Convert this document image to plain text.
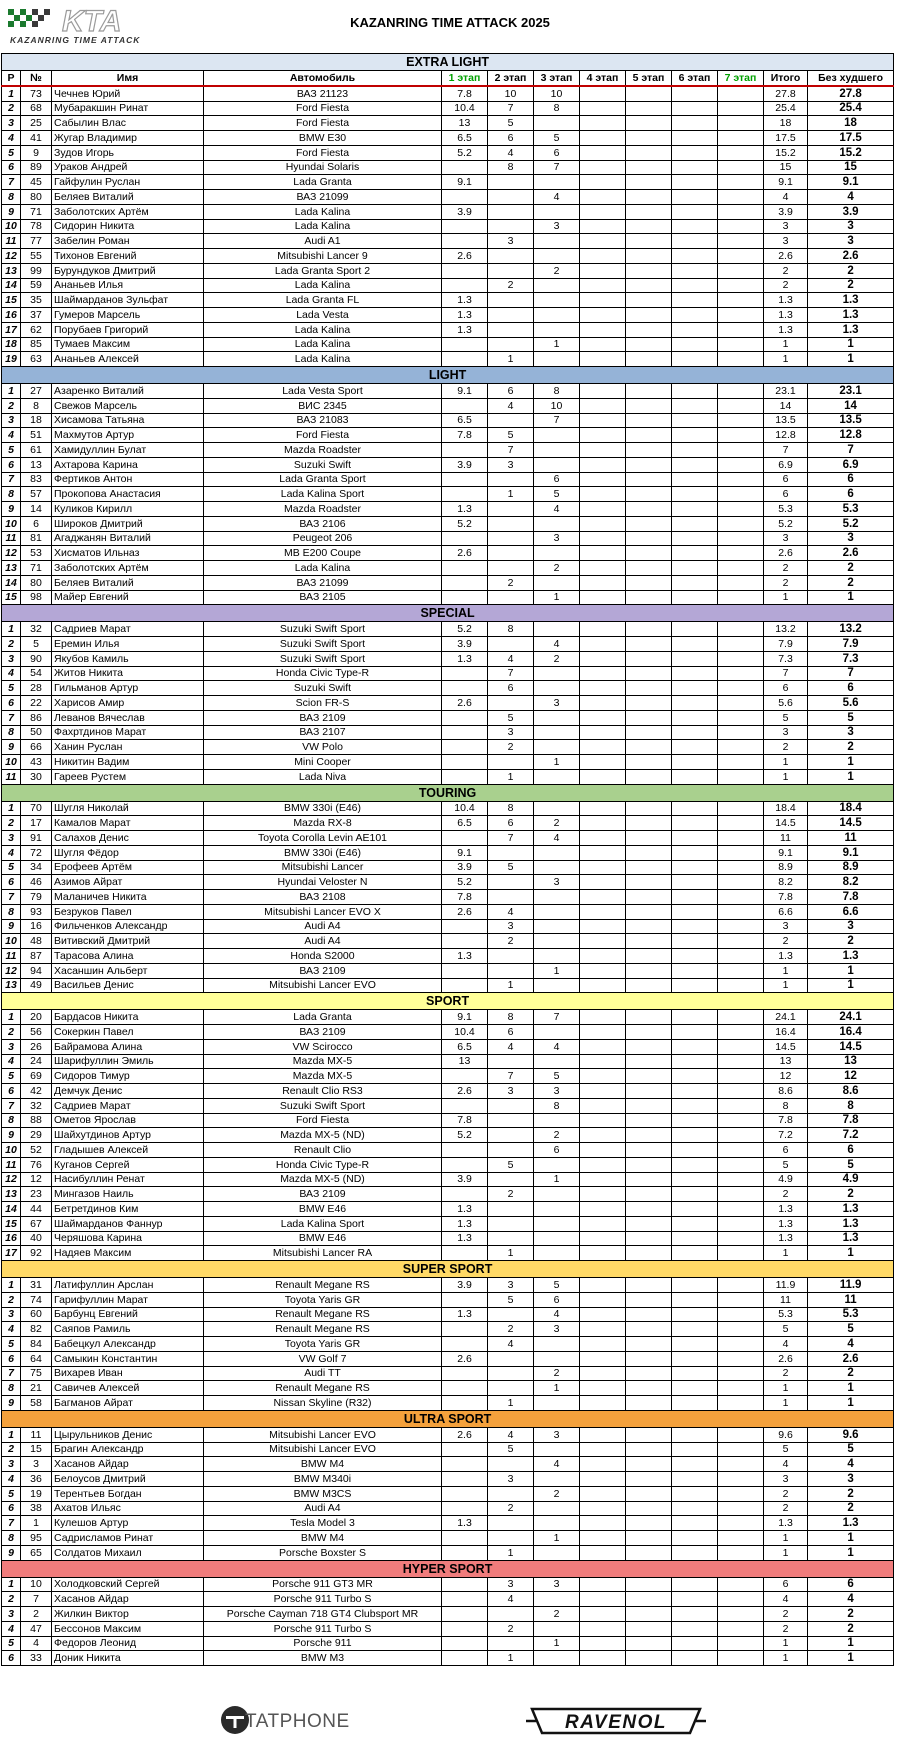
KTA
KAZANRING TIME ATTACK
KAZANRING TIME ATTACK 2025
EXTRA LIGHT												
Р	№	Имя	Автомобиль	1 этап	2 этап	3 этап	4 этап	5 этап	6 этап	7 этап	Итого	Без худшего
1	73	Чечнев Юрий	ВАЗ 21123	7.8	10	10					27.8	27.8
2	68	Мубаракшин Ринат	Ford Fiesta	10.4	7	8					25.4	25.4
3	25	Сабылин Влас	Ford Fiesta	13	5						18	18
4	41	Жугар Владимир	BMW E30	6.5	6	5					17.5	17.5
5	9	Зудов Игорь	Ford Fiesta	5.2	4	6					15.2	15.2
6	89	Ураков Андрей	Hyundai Solaris		8	7					15	15
7	45	Гайфулин Руслан	Lada Granta	9.1							9.1	9.1
8	80	Беляев Виталий	ВАЗ 21099			4					4	4
9	71	Заболотских Артём	Lada Kalina	3.9							3.9	3.9
10	78	Сидорин Никита	Lada Kalina			3					3	3
11	77	Забелин Роман	Audi A1		3						3	3
12	55	Тихонов Евгений	Mitsubishi Lancer 9	2.6							2.6	2.6
13	99	Бурундуков Дмитрий	Lada Granta Sport 2			2					2	2
14	59	Ананьев Илья	Lada Kalina		2						2	2
15	35	Шаймарданов Зульфат	Lada Granta FL	1.3							1.3	1.3
16	37	Гумеров Марсель	Lada Vesta	1.3							1.3	1.3
17	62	Порубаев Григорий	Lada Kalina	1.3							1.3	1.3
18	85	Тумаев Максим	Lada Kalina			1					1	1
19	63	Ананьев Алексей	Lada Kalina		1						1	1
LIGHT												
1	27	Азаренко Виталий	Lada Vesta Sport	9.1	6	8					23.1	23.1
2	8	Свежов Марсель	ВИС 2345		4	10					14	14
3	18	Хисамова Татьяна	ВАЗ 21083	6.5		7					13.5	13.5
4	51	Махмутов Артур	Ford Fiesta	7.8	5						12.8	12.8
5	61	Хамидуллин Булат	Mazda Roadster		7						7	7
6	13	Ахтарова Карина	Suzuki Swift	3.9	3						6.9	6.9
7	83	Фертиков Антон	Lada Granta Sport			6					6	6
8	57	Прокопова Анастасия	Lada Kalina Sport		1	5					6	6
9	14	Куликов Кирилл	Mazda Roadster	1.3		4					5.3	5.3
10	6	Широков Дмитрий	ВАЗ 2106	5.2							5.2	5.2
11	81	Агаджанян Виталий	Peugeot 206			3					3	3
12	53	Хисматов Ильназ	MB E200 Coupe	2.6							2.6	2.6
13	71	Заболотских Артём	Lada Kalina			2					2	2
14	80	Беляев Виталий	ВАЗ 21099		2						2	2
15	98	Майер Евгений	ВАЗ 2105			1					1	1
SPECIAL												
1	32	Садриев Марат	Suzuki Swift Sport	5.2	8						13.2	13.2
2	5	Еремин Илья	Suzuki Swift Sport	3.9		4					7.9	7.9
3	90	Якубов Камиль	Suzuki Swift Sport	1.3	4	2					7.3	7.3
4	54	Житов Никита	Honda Civic Type-R		7						7	7
5	28	Гильманов Артур	Suzuki Swift		6						6	6
6	22	Харисов Амир	Scion FR-S	2.6		3					5.6	5.6
7	86	Леванов Вячеслав	ВАЗ 2109		5						5	5
8	50	Фахртдинов Марат	ВАЗ 2107		3						3	3
9	66	Ханин Руслан	VW Polo		2						2	2
10	43	Никитин Вадим	Mini Cooper			1					1	1
11	30	Гареев Рустем	Lada Niva		1						1	1
TOURING												
1	70	Шугля Николай	BMW 330i (E46)	10.4	8						18.4	18.4
2	17	Камалов Марат	Mazda RX-8	6.5	6	2					14.5	14.5
3	91	Салахов Денис	Toyota Corolla Levin AE101		7	4					11	11
4	72	Шугля Фёдор	BMW 330i (E46)	9.1							9.1	9.1
5	34	Ерофеев Артём	Mitsubishi Lancer	3.9	5						8.9	8.9
6	46	Азимов Айрат	Hyundai Veloster N	5.2		3					8.2	8.2
7	79	Маланичев Никита	ВАЗ 2108	7.8							7.8	7.8
8	93	Безруков Павел	Mitsubishi Lancer EVO X	2.6	4						6.6	6.6
9	16	Фильченков Александр	Audi A4		3						3	3
10	48	Витивский Дмитрий	Audi A4		2						2	2
11	87	Тарасова Алина	Honda S2000	1.3							1.3	1.3
12	94	Хасаншин Альберт	ВАЗ 2109			1					1	1
13	49	Васильев Денис	Mitsubishi Lancer EVO		1						1	1
SPORT												
1	20	Бардасов Никита	Lada Granta	9.1	8	7					24.1	24.1
2	56	Сокеркин Павел	ВАЗ 2109	10.4	6						16.4	16.4
3	26	Байрамова Алина	VW Scirocco	6.5	4	4					14.5	14.5
4	24	Шарифуллин Эмиль	Mazda MX-5	13							13	13
5	69	Сидоров Тимур	Mazda MX-5		7	5					12	12
6	42	Демчук Денис	Renault Clio RS3	2.6	3	3					8.6	8.6
7	32	Садриев Марат	Suzuki Swift Sport			8					8	8
8	88	Ометов Ярослав	Ford Fiesta	7.8							7.8	7.8
9	29	Шайхутдинов Артур	Mazda MX-5 (ND)	5.2		2					7.2	7.2
10	52	Гладышев Алексей	Renault Clio			6					6	6
11	76	Куганов Сергей	Honda Civic Type-R		5						5	5
12	12	Насибуллин Ренат	Mazda MX-5 (ND)	3.9		1					4.9	4.9
13	23	Мингазов Наиль	ВАЗ 2109		2						2	2
14	44	Бетретдинов Ким	BMW E46	1.3							1.3	1.3
15	67	Шаймарданов Фаннур	Lada Kalina Sport	1.3							1.3	1.3
16	40	Черяшова Карина	BMW E46	1.3							1.3	1.3
17	92	Надяев Максим	Mitsubishi Lancer RA		1						1	1
SUPER SPORT												
1	31	Латифуллин Арслан	Renault Megane RS	3.9	3	5					11.9	11.9
2	74	Гарифуллин Марат	Toyota Yaris GR		5	6					11	11
3	60	Барбунц Евгений	Renault Megane RS	1.3		4					5.3	5.3
4	82	Саяпов Рамиль	Renault Megane RS		2	3					5	5
5	84	Бабецкул Александр	Toyota Yaris GR		4						4	4
6	64	Самыкин Константин	VW Golf 7	2.6							2.6	2.6
7	75	Вихарев Иван	Audi TT			2					2	2
8	21	Савичев Алексей	Renault Megane RS			1					1	1
9	58	Багманов Айрат	Nissan Skyline (R32)		1						1	1
ULTRA SPORT												
1	11	Цырульников Денис	Mitsubishi Lancer EVO	2.6	4	3					9.6	9.6
2	15	Брагин Александр	Mitsubishi Lancer EVO		5						5	5
3	3	Хасанов Айдар	BMW M4			4					4	4
4	36	Белоусов Дмитрий	BMW M340i		3						3	3
5	19	Терентьев Богдан	BMW M3CS			2					2	2
6	38	Ахатов Ильяс	Audi A4		2						2	2
7	1	Кулешов Артур	Tesla Model 3	1.3							1.3	1.3
8	95	Садрисламов Ринат	BMW M4			1					1	1
9	65	Солдатов Михаил	Porsche Boxster S		1						1	1
HYPER SPORT												
1	10	Холодковский Сергей	Porsche 911 GT3 MR		3	3					6	6
2	7	Хасанов Айдар	Porsche 911 Turbo S		4						4	4
3	2	Жилкин Виктор	Porsche Cayman 718 GT4 Clubsport MR			2					2	2
4	47	Бессонов Максим	Porsche 911 Turbo S		2						2	2
5	4	Федоров Леонид	Porsche 911			1					1	1
6	33	Доник Никита	BMW M3		1						1	1
TATPHONE	RAVENOL
